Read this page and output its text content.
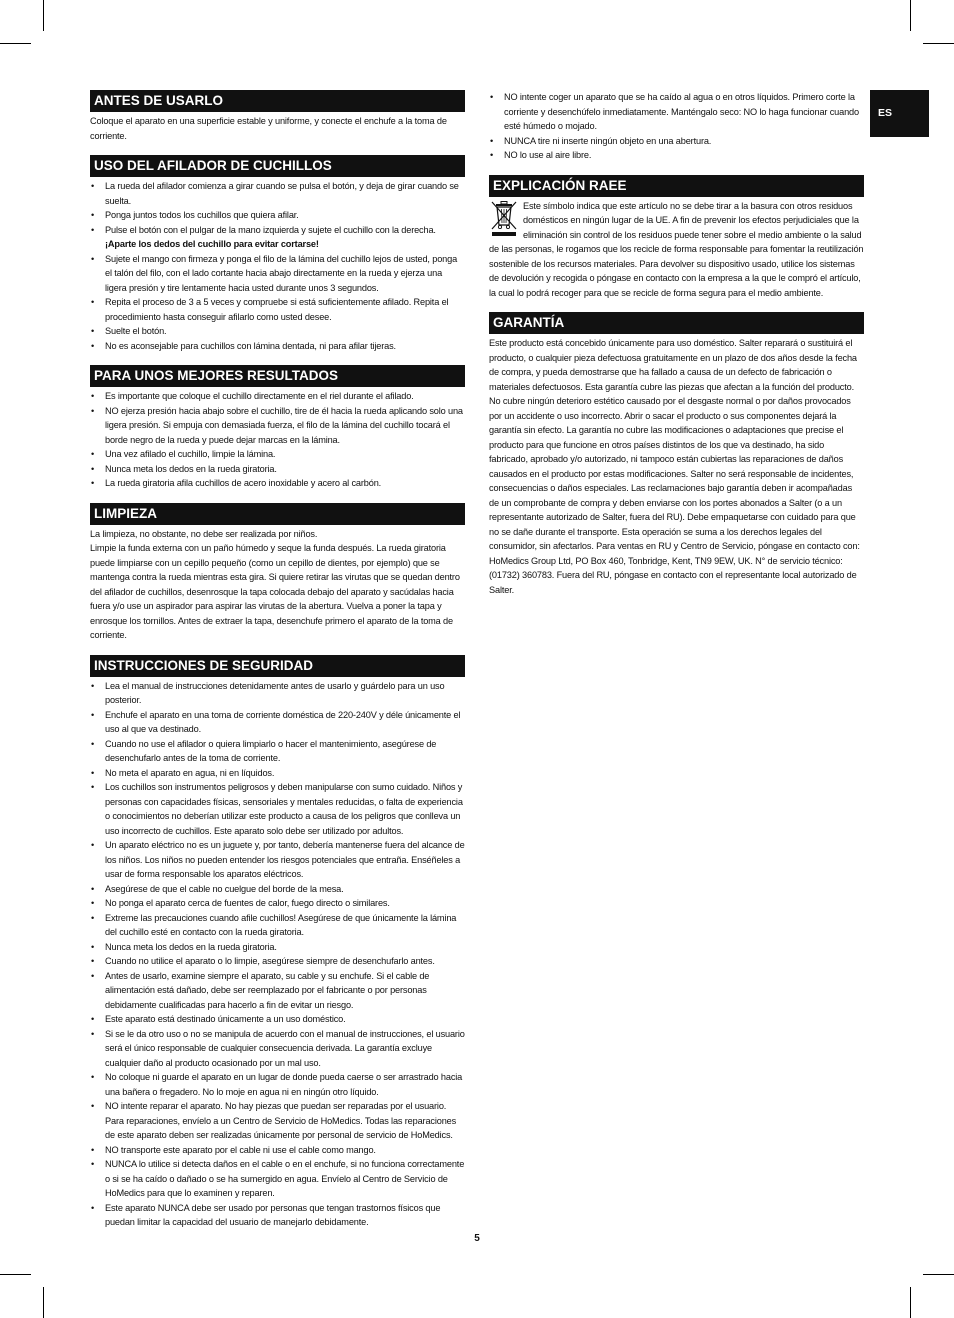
ES
ANTES DE USARLO

Coloque el aparato en una superficie estable y uniforme, y conecte el enchufe a la toma de corriente.

USO DEL AFILADOR DE CUCHILLOS
• La rueda del afilador comienza a girar cuando se pulsa el botón, y deja de girar cuando se suelta.
• Ponga juntos todos los cuchillos que quiera afilar.
• Pulse el botón con el pulgar de la mano izquierda y sujete el cuchillo con la derecha.
¡Aparte los dedos del cuchillo para evitar cortarse!
• Sujete el mango con firmeza y ponga el filo de la lámina del cuchillo lejos de usted, ponga el talón del filo, con el lado cortante hacia abajo directamente en la rueda y ejerza una ligera presión y tire lentamente hacia usted durante unos 3 segundos.
• Repita el proceso de 3 a 5 veces y compruebe si está suficientemente afilado. Repita el procedimiento hasta conseguir afilarlo como usted desee.
• Suelte el botón.
• No es aconsejable para cuchillos con lámina dentada, ni para afilar tijeras.
PARA UNOS MEJORES RESULTADOS
• Es importante que coloque el cuchillo directamente en el riel durante el afilado.
• NO ejerza presión hacia abajo sobre el cuchillo, tire de él hacia la rueda aplicando solo una ligera presión. Si empuja con demasiada fuerza, el filo de la lámina del cuchillo tocará el borde negro de la rueda y puede dejar marcas en la lámina.
• Una vez afilado el cuchillo, limpie la lámina.
• Nunca meta los dedos en la rueda giratoria.
• La rueda giratoria afila cuchillos de acero inoxidable y acero al carbón.
LIMPIEZA

La limpieza, no obstante, no debe ser realizada por niños.

Limpie la funda externa con un paño húmedo y seque la funda después. La rueda giratoria puede limpiarse con un cepillo pequeño (como un cepillo de dientes, por ejemplo) que se mantenga contra la rueda mientras esta gira. Si quiere retirar las virutas que se quedan dentro del afilador de cuchillos, desenrosque la tapa colocada debajo del aparato y sacúdalas hacia fuera y/o use un aspirador para aspirar las virutas de la abertura. Vuelva a poner la tapa y enrosque los tornillos. Antes de extraer la tapa, desenchufe primero el aparato de la toma de corriente.

INSTRUCCIONES DE SEGURIDAD
• Lea el manual de instrucciones detenidamente antes de usarlo y guárdelo para un uso posterior.
• Enchufe el aparato en una toma de corriente doméstica de 220-240V y déle únicamente el uso al que va destinado.
• Cuando no use el afilador o quiera limpiarlo o hacer el mantenimiento, asegúrese de desenchufarlo antes de la toma de corriente.
• No meta el aparato en agua, ni en líquidos.
• Los cuchillos son instrumentos peligrosos y deben manipularse con sumo cuidado. Niños y personas con capacidades físicas, sensoriales y mentales reducidas, o falta de experiencia o conocimientos no deberían utilizar este producto a causa de los peligros que conlleva un uso incorrecto de cuchillos. Este aparato solo debe ser utilizado por adultos.
• Un aparato eléctrico no es un juguete y, por tanto, debería mantenerse fuera del alcance de los niños. Los niños no pueden entender los riesgos potenciales que entraña. Enséñeles a usar de forma responsable los aparatos eléctricos.
• Asegúrese de que el cable no cuelgue del borde de la mesa.
• No ponga el aparato cerca de fuentes de calor, fuego directo o similares.
• Extreme las precauciones cuando afile cuchillos! Asegúrese de que únicamente la lámina del cuchillo esté en contacto con la rueda giratoria.
• Nunca meta los dedos en la rueda giratoria.
• Cuando no utilice el aparato o lo limpie, asegúrese siempre de desenchufarlo antes.
• Antes de usarlo, examine siempre el aparato, su cable y su enchufe. Si el cable de alimentación está dañado, debe ser reemplazado por el fabricante o por personas debidamente cualificadas para hacerlo a fin de evitar un riesgo.
• Este aparato está destinado únicamente a un uso doméstico.
• Si se le da otro uso o no se manipula de acuerdo con el manual de instrucciones, el usuario será el único responsable de cualquier consecuencia derivada. La garantía excluye cualquier daño al producto ocasionado por un mal uso.
• No coloque ni guarde el aparato en un lugar de donde pueda caerse o ser arrastrado hacia una bañera o fregadero. No lo moje en agua ni en ningún otro líquido.
• NO intente reparar el aparato. No hay piezas que puedan ser reparadas por el usuario. Para reparaciones, envíelo a un Centro de Servicio de HoMedics. Todas las reparaciones de este aparato deben ser realizadas únicamente por personal de servicio de HoMedics.
• NO transporte este aparato por el cable ni use el cable como mango.
• NUNCA lo utilice si detecta daños en el cable o en el enchufe, si no funciona correctamente o si se ha caído o dañado o se ha sumergido en agua. Envíelo al Centro de Servicio de HoMedics para que lo examinen y reparen.
• Este aparato NUNCA debe ser usado por personas que tengan trastornos físicos que puedan limitar la capacidad del usuario de manejarlo debidamente.
• NO intente coger un aparato que se ha caído al agua o en otros líquidos. Primero corte la corriente y desenchúfelo inmediatamente. Manténgalo seco: NO lo haga funcionar cuando esté húmedo o mojado.
• NUNCA tire ni inserte ningún objeto en una abertura.
• NO lo use al aire libre.
EXPLICACIÓN RAEE

Este símbolo indica que este artículo no se debe tirar a la basura con otros residuos domésticos en ningún lugar de la UE. A fin de prevenir los efectos perjudiciales que la eliminación sin control de los residuos puede tener sobre el medio ambiente o la salud de las personas, le rogamos que los recicle de forma responsable para fomentar la reutilización sostenible de los recursos materiales. Para devolver su dispositivo usado, utilice los sistemas de devolución y recogida o póngase en contacto con la empresa a la que le compró el artículo, la cual lo podrá recoger para que se recicle de forma segura para el medio ambiente.

GARANTÍA

Este producto está concebido únicamente para uso doméstico. Salter reparará o sustituirá el producto, o cualquier pieza defectuosa gratuitamente en un plazo de dos años desde la fecha de compra, y pueda demostrarse que ha fallado a causa de un defecto de fabricación o materiales defectuosos. Esta garantía cubre las piezas que afectan a la función del producto. No cubre ningún deterioro estético causado por el desgaste normal o por daños provocados por un accidente o uso incorrecto. Abrir o sacar el producto o sus componentes dejará la garantía sin efecto. La garantía no cubre las modificaciones o adaptaciones que precise el producto para que funcione en otros países distintos de los que va destinado, ha sido fabricado, aprobado y/o autorizado, ni tampoco están cubiertas las reparaciones de daños causados en el producto por estas modificaciones. Salter no será responsable de incidentes, consecuencias o daños especiales. Las reclamaciones bajo garantía deben ir acompañadas de un comprobante de compra y deben enviarse con los portes abonados a Salter (o a un representante autorizado de Salter, fuera del RU). Debe empaquetarse con cuidado para que no se dañe durante el transporte. Esta operación se suma a los derechos legales del consumidor, sin afectarlos. Para ventas en RU y Centro de Servicio, póngase en contacto con: HoMedics Group Ltd, PO Box 460, Tonbridge, Kent, TN9 9EW, UK. N° de servicio técnico: (01732) 360783. Fuera del RU, póngase en contacto con el representante local autorizado de Salter.

5
